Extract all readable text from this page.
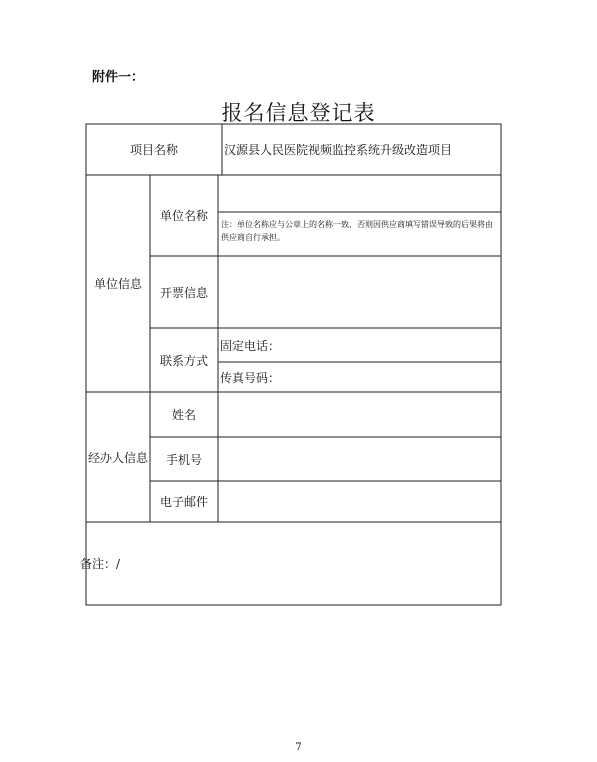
附件一：
报名信息登记表
项目名称	汉源县人民医院视频监控系统升级改造项目
单位信息
单位名称
注：单位名称应与公章上的名称一致，否则因供应商填写错误导致的后果将由供应商自行承担。
开票信息
联系方式
固定电话：
传真号码：
经办人信息
姓名
手机号
电子邮件
备注：/
7
